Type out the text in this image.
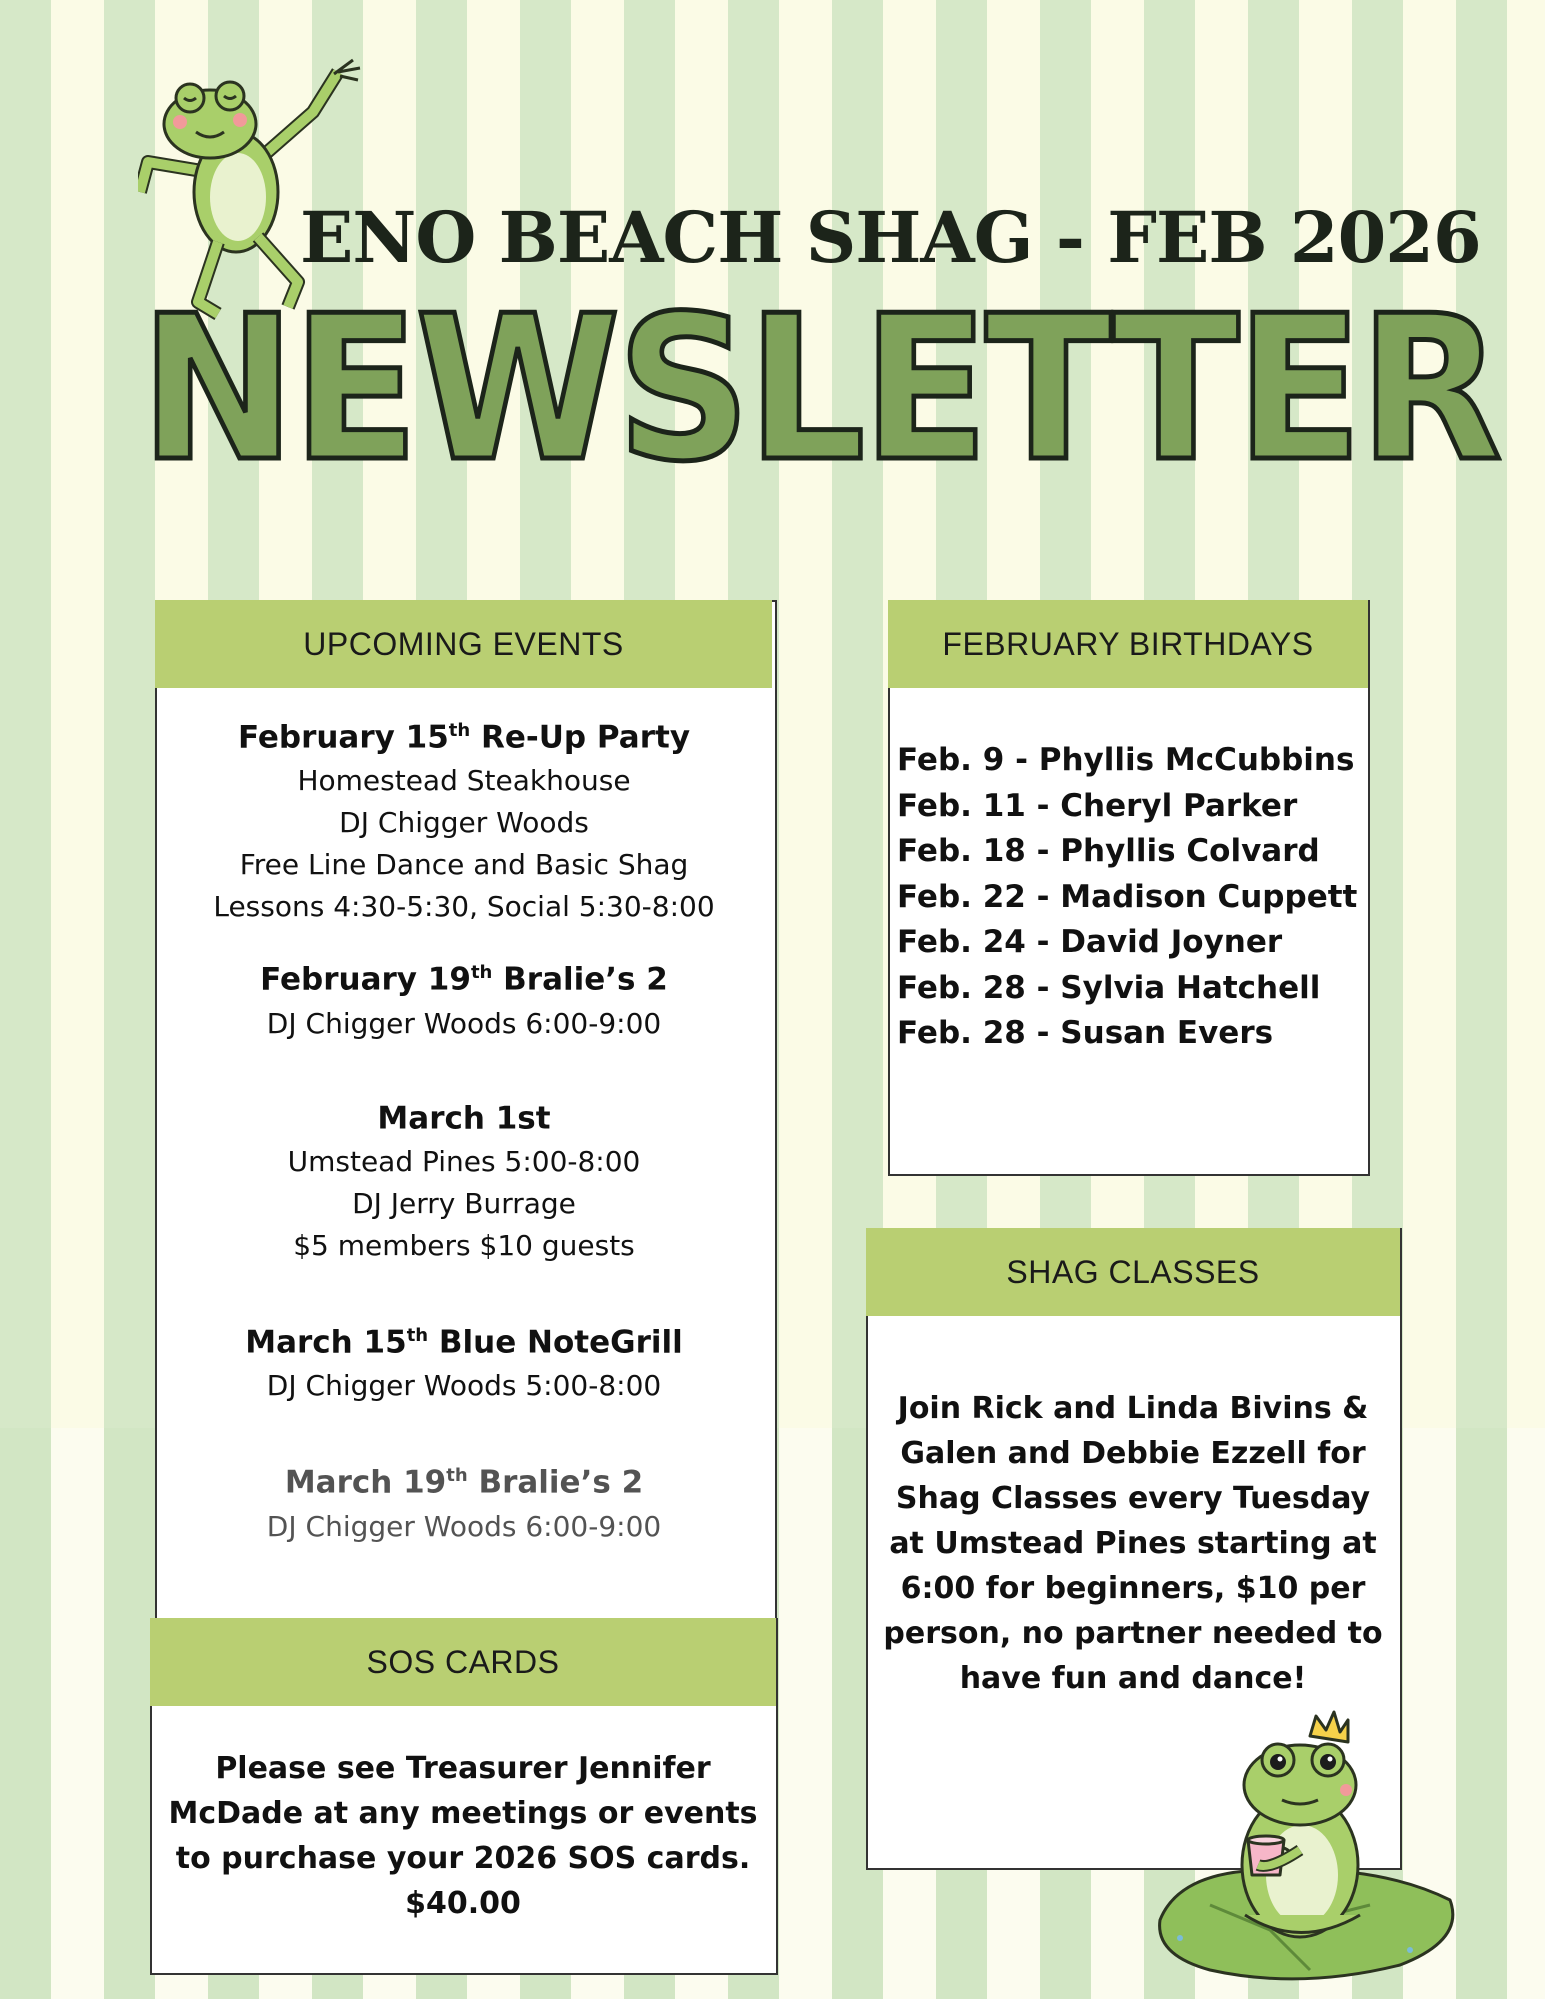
ENO BEACH SHAG - FEB 2026
NEWSLETTER
UPCOMING EVENTS
February 15th Re-Up Party
Homestead Steakhouse
DJ Chigger Woods
Free Line Dance and Basic Shag
Lessons 4:30-5:30, Social 5:30-8:00
February 19th Bralie’s 2
DJ Chigger Woods 6:00-9:00
March 1st
Umstead Pines 5:00-8:00
DJ Jerry Burrage
$5 members $10 guests
March 15th Blue NoteGrill
DJ Chigger Woods 5:00-8:00
March 19th Bralie’s 2
DJ Chigger Woods 6:00-9:00
FEBRUARY BIRTHDAYS
Feb. 9 - Phyllis McCubbins
Feb. 11 - Cheryl Parker
Feb. 18 - Phyllis Colvard
Feb. 22 - Madison Cuppett
Feb. 24 - David Joyner
Feb. 28 - Sylvia Hatchell
Feb. 28 - Susan Evers
SHAG CLASSES
Join Rick and Linda Bivins & Galen and Debbie Ezzell for Shag Classes every Tuesday at Umstead Pines starting at 6:00 for beginners, $10 per person, no partner needed to have fun and dance!
SOS CARDS
Please see Treasurer Jennifer McDade at any meetings or events to purchase your 2026 SOS cards. $40.00
